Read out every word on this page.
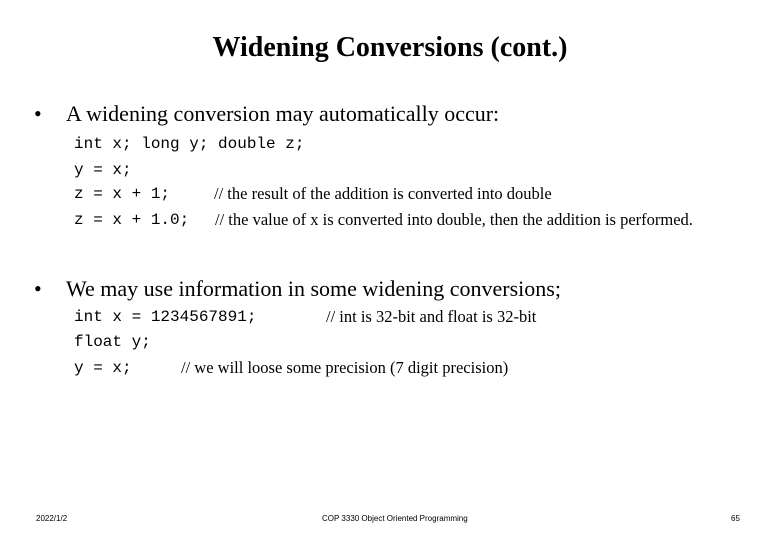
Widening Conversions (cont.)
• A widening conversion may automatically occur:
int x; long y; double z;
y = x;
z = x + 1;	// the result of the addition is converted into double
z = x + 1.0; // the value of x is converted into double, then the addition is performed.
• We may use information in some widening conversions;
int x = 1234567891;	// int is 32-bit and float is 32-bit
float y;
y = x;	// we will loose some precision (7 digit precision)
2022/1/2	COP 3330 Object Oriented Programming	65
